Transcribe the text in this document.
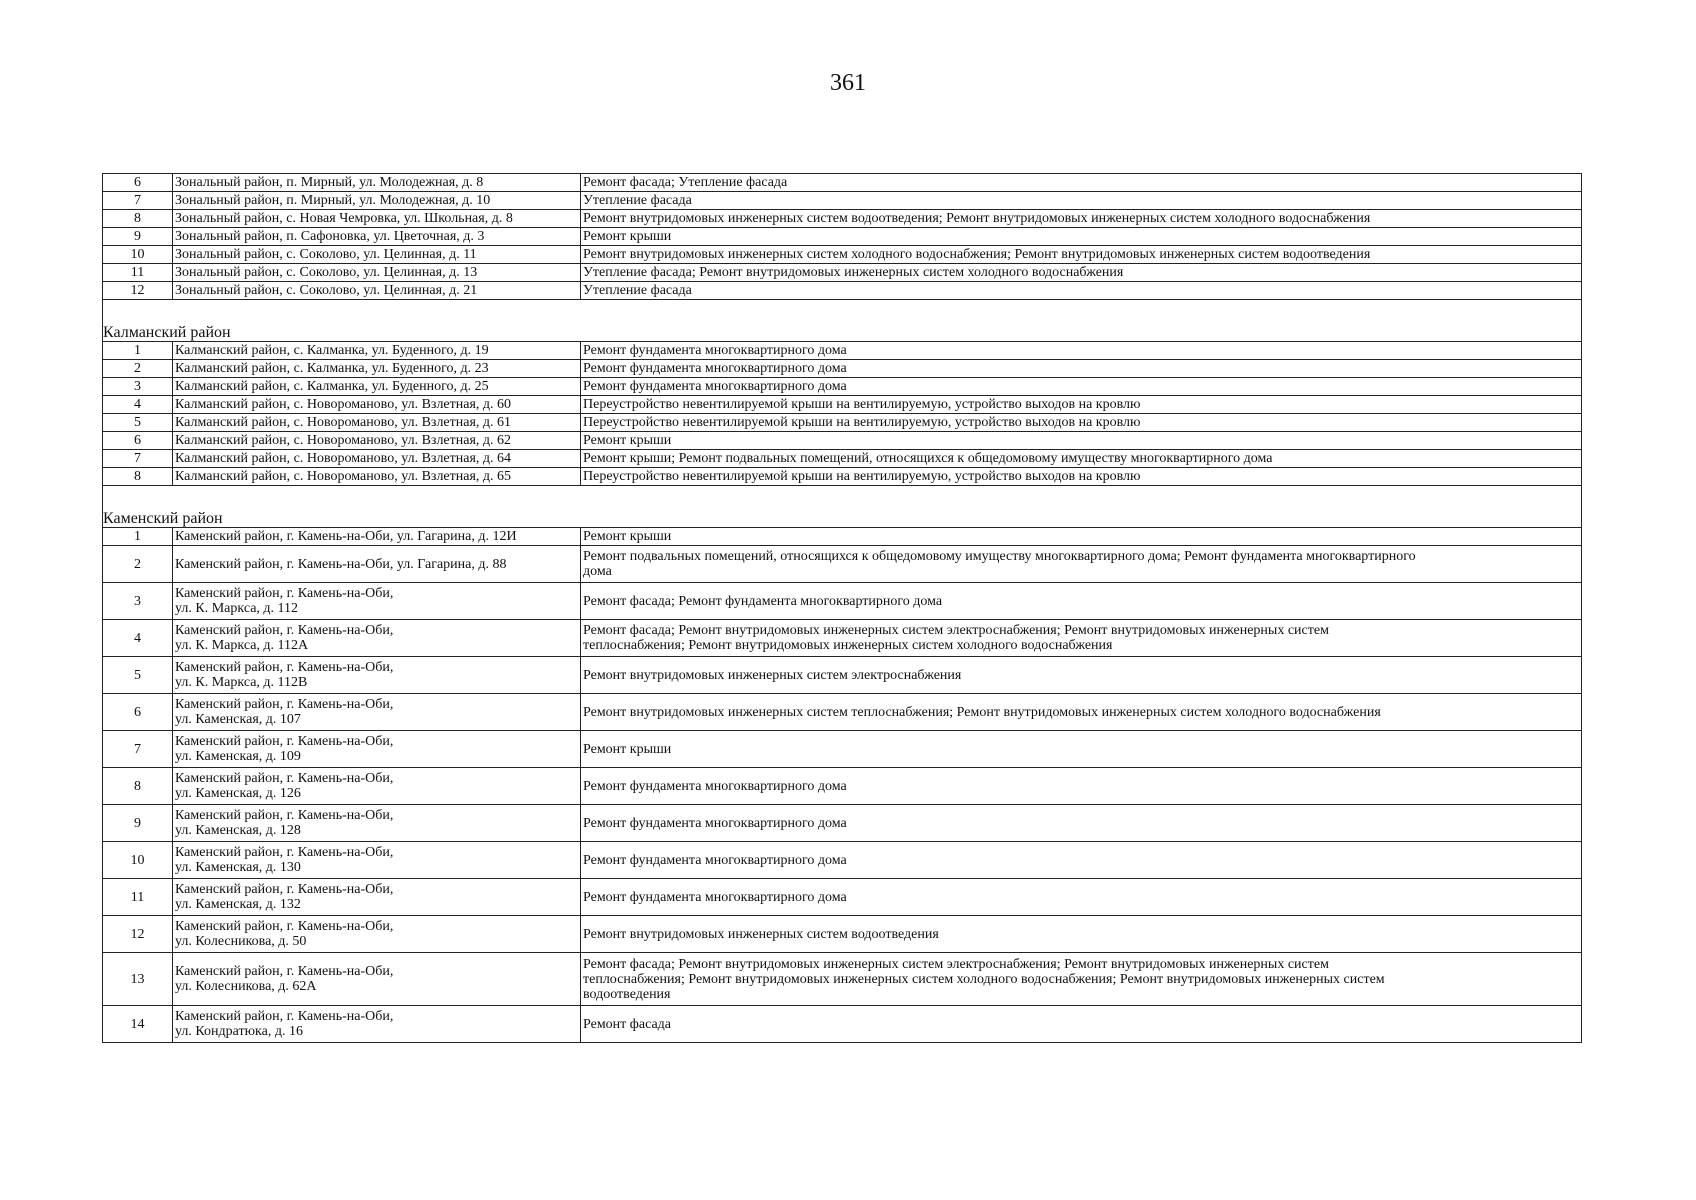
361
6	Зональный район, п. Мирный, ул. Молодежная, д. 8	Ремонт фасада; Утепление фасада
7	Зональный район, п. Мирный, ул. Молодежная, д. 10	Утепление фасада
8	Зональный район, с. Новая Чемровка, ул. Школьная, д. 8	Ремонт внутридомовых инженерных систем водоотведения; Ремонт внутридомовых инженерных систем холодного водоснабжения
9	Зональный район, п. Сафоновка, ул. Цветочная, д. 3	Ремонт крыши
10	Зональный район, с. Соколово, ул. Целинная, д. 11	Ремонт внутридомовых инженерных систем холодного водоснабжения; Ремонт внутридомовых инженерных систем водоотведения
11	Зональный район, с. Соколово, ул. Целинная, д. 13	Утепление фасада; Ремонт внутридомовых инженерных систем холодного водоснабжения
12	Зональный район, с. Соколово, ул. Целинная, д. 21	Утепление фасада
Калманский район		
1	Калманский район, с. Калманка, ул. Буденного, д. 19	Ремонт фундамента многоквартирного дома
2	Калманский район, с. Калманка, ул. Буденного, д. 23	Ремонт фундамента многоквартирного дома
3	Калманский район, с. Калманка, ул. Буденного, д. 25	Ремонт фундамента многоквартирного дома
4	Калманский район, с. Новороманово, ул. Взлетная, д. 60	Переустройство невентилируемой крыши на вентилируемую, устройство выходов на кровлю
5	Калманский район, с. Новороманово, ул. Взлетная, д. 61	Переустройство невентилируемой крыши на вентилируемую, устройство выходов на кровлю
6	Калманский район, с. Новороманово, ул. Взлетная, д. 62	Ремонт крыши
7	Калманский район, с. Новороманово, ул. Взлетная, д. 64	Ремонт крыши; Ремонт подвальных помещений, относящихся к общедомовому имуществу многоквартирного дома
8	Калманский район, с. Новороманово, ул. Взлетная, д. 65	Переустройство невентилируемой крыши на вентилируемую, устройство выходов на кровлю
Каменский район		
1	Каменский район, г. Камень-на-Оби, ул. Гагарина, д. 12И	Ремонт крыши
2	Каменский район, г. Камень-на-Оби, ул. Гагарина, д. 88	Ремонт подвальных помещений, относящихся к общедомовому имуществу многоквартирного дома; Ремонт фундамента многоквартирного
дома
3	Каменский район, г. Камень-на-Оби,
ул. К. Маркса, д. 112	Ремонт фасада; Ремонт фундамента многоквартирного дома
4	Каменский район, г. Камень-на-Оби,
ул. К. Маркса, д. 112А	Ремонт фасада; Ремонт внутридомовых инженерных систем электроснабжения; Ремонт внутридомовых инженерных систем
теплоснабжения; Ремонт внутридомовых инженерных систем холодного водоснабжения
5	Каменский район, г. Камень-на-Оби,
ул. К. Маркса, д. 112В	Ремонт внутридомовых инженерных систем электроснабжения
6	Каменский район, г. Камень-на-Оби,
ул. Каменская, д. 107	Ремонт внутридомовых инженерных систем теплоснабжения; Ремонт внутридомовых инженерных систем холодного водоснабжения
7	Каменский район, г. Камень-на-Оби,
ул. Каменская, д. 109	Ремонт крыши
8	Каменский район, г. Камень-на-Оби,
ул. Каменская, д. 126	Ремонт фундамента многоквартирного дома
9	Каменский район, г. Камень-на-Оби,
ул. Каменская, д. 128	Ремонт фундамента многоквартирного дома
10	Каменский район, г. Камень-на-Оби,
ул. Каменская, д. 130	Ремонт фундамента многоквартирного дома
11	Каменский район, г. Камень-на-Оби,
ул. Каменская, д. 132	Ремонт фундамента многоквартирного дома
12	Каменский район, г. Камень-на-Оби,
ул. Колесникова, д. 50	Ремонт внутридомовых инженерных систем водоотведения
13	Каменский район, г. Камень-на-Оби,
ул. Колесникова, д. 62А	Ремонт фасада; Ремонт внутридомовых инженерных систем электроснабжения; Ремонт внутридомовых инженерных систем
теплоснабжения; Ремонт внутридомовых инженерных систем холодного водоснабжения; Ремонт внутридомовых инженерных систем
водоотведения
14	Каменский район, г. Камень-на-Оби,
ул. Кондратюка, д. 16	Ремонт фасада
